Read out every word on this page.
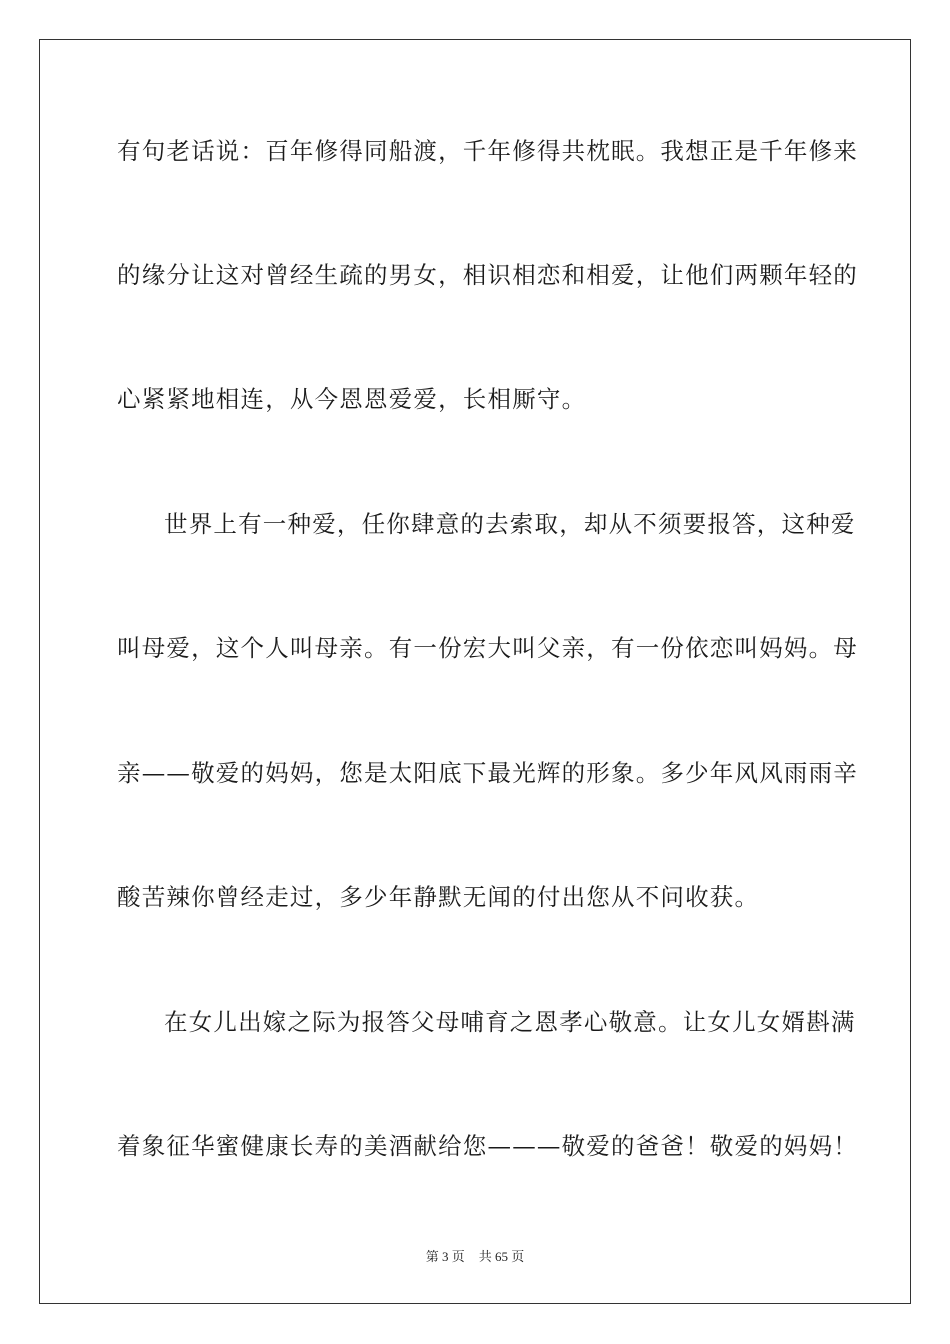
有句老话说：百年修得同船渡，千年修得共枕眠。我想正是千年修来
的缘分让这对曾经生疏的男女，相识相恋和相爱，让他们两颗年轻的
心紧紧地相连，从今恩恩爱爱，长相厮守。
世界上有一种爱，任你肆意的去索取，却从不须要报答，这种爱
叫母爱，这个人叫母亲。有一份宏大叫父亲，有一份依恋叫妈妈。母
亲——敬爱的妈妈，您是太阳底下最光辉的形象。多少年风风雨雨辛
酸苦辣你曾经走过，多少年静默无闻的付出您从不问收获。
在女儿出嫁之际为报答父母哺育之恩孝心敬意。让女儿女婿斟满
着象征华蜜健康长寿的美酒献给您———敬爱的爸爸！敬爱的妈妈！
第 3 页 共 65 页
